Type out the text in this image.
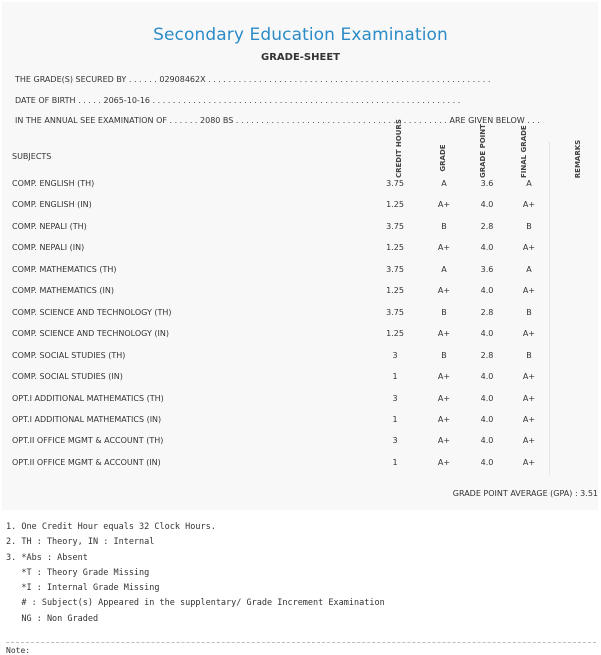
Secondary Education Examination
GRADE-SHEET
THE GRADE(S) SECURED BY . . . . . . 02908462X . . . . . . . . . . . . . . . . . . . . . . . . . . . . . . . . . . . . . . . . . . . . . . . . . . . . . . . .
DATE OF BIRTH . . . . . 2065-10-16 . . . . . . . . . . . . . . . . . . . . . . . . . . . . . . . . . . . . . . . . . . . . . . . . . . . . . . . . . . . . .
IN THE ANNUAL SEE EXAMINATION OF . . . . . . 2080 BS . . . . . . . . . . . . . . . . . . . . . . . . . . . . . . . . . . . . . . . . . . ARE GIVEN BELOW . . .
SUBJECTS	CREDIT HOURS	GRADE	GRADE POINT	FINAL GRADE	REMARKS
COMP. ENGLISH (TH)	3.75	A	3.6	A
COMP. ENGLISH (IN)	1.25	A+	4.0	A+
COMP. NEPALI (TH)	3.75	B	2.8	B
COMP. NEPALI (IN)	1.25	A+	4.0	A+
COMP. MATHEMATICS (TH)	3.75	A	3.6	A
COMP. MATHEMATICS (IN)	1.25	A+	4.0	A+
COMP. SCIENCE AND TECHNOLOGY (TH)	3.75	B	2.8	B
COMP. SCIENCE AND TECHNOLOGY (IN)	1.25	A+	4.0	A+
COMP. SOCIAL STUDIES (TH)	3	B	2.8	B
COMP. SOCIAL STUDIES (IN)	1	A+	4.0	A+
OPT.I ADDITIONAL MATHEMATICS (TH)	3	A+	4.0	A+
OPT.I ADDITIONAL MATHEMATICS (IN)	1	A+	4.0	A+
OPT.II OFFICE MGMT & ACCOUNT (TH)	3	A+	4.0	A+
OPT.II OFFICE MGMT & ACCOUNT (IN)	1	A+	4.0	A+
GRADE POINT AVERAGE (GPA) : 3.51
1. One Credit Hour equals 32 Clock Hours.
2. TH : Theory, IN : Internal
3. *Abs : Absent
*T : Theory Grade Missing
*I : Internal Grade Missing
# : Subject(s) Appeared in the supplentary/ Grade Increment Examination
NG : Non Graded
Note:
